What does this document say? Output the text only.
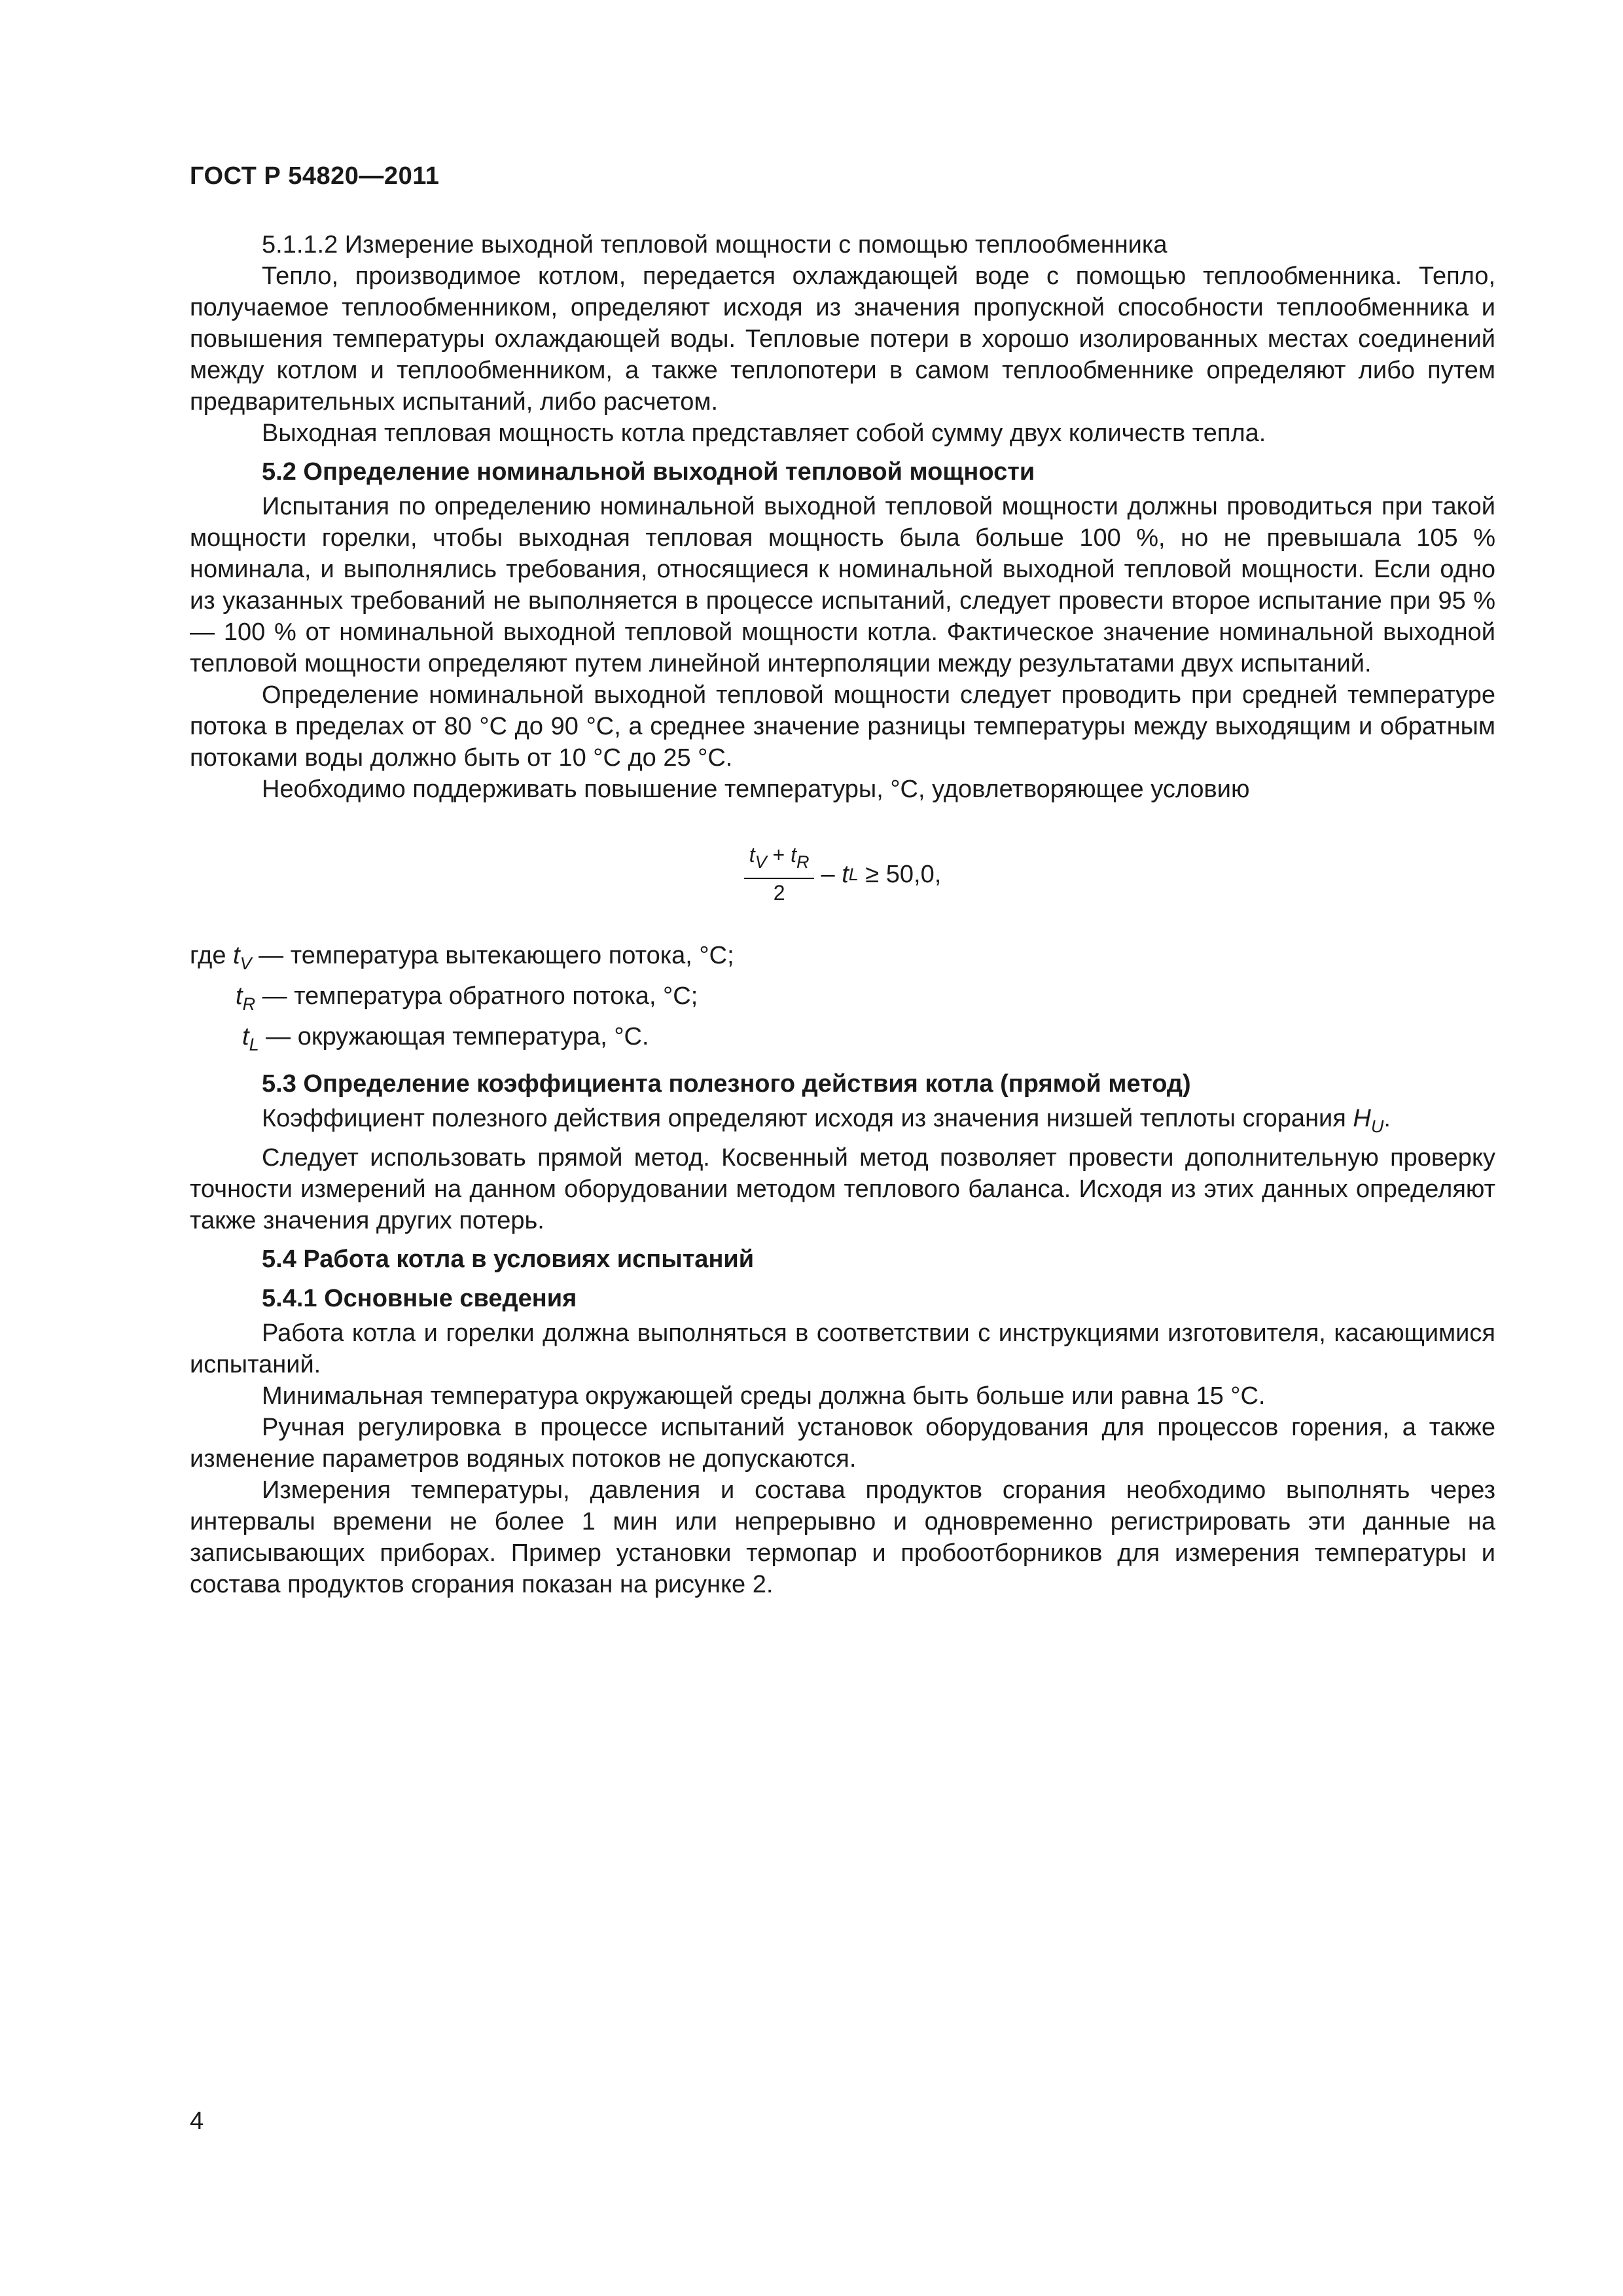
ГОСТ Р 54820—2011

5.1.1.2 Измерение выходной тепловой мощности с помощью теплообменника

Тепло, производимое котлом, передается охлаждающей воде с помощью теплообменника. Тепло, получаемое теплообменником, определяют исходя из значения пропускной способности теплообменника и повышения температуры охлаждающей воды. Тепловые потери в хорошо изолированных местах соединений между котлом и теплообменником, а также теплопотери в самом теплообменнике определяют либо путем предварительных испытаний, либо расчетом.

Выходная тепловая мощность котла представляет собой сумму двух количеств тепла.

5.2 Определение номинальной выходной тепловой мощности

Испытания по определению номинальной выходной тепловой мощности должны проводиться при такой мощности горелки, чтобы выходная тепловая мощность была больше 100 %, но не превышала 105 % номинала, и выполнялись требования, относящиеся к номинальной выходной тепловой мощности. Если одно из указанных требований не выполняется в процессе испытаний, следует провести второе испытание при 95 % — 100 % от номинальной выходной тепловой мощности котла. Фактическое значение номинальной выходной тепловой мощности определяют путем линейной интерполяции между результатами двух испытаний.

Определение номинальной выходной тепловой мощности следует проводить при средней температуре потока в пределах от 80 °С до 90 °С, а среднее значение разницы температуры между выходящим и обратным потоками воды должно быть от 10 °С до 25 °С.

Необходимо поддерживать повышение температуры, °С, удовлетворяющее условию

$\frac{t_V + t_R}{2}$ –
t L
≥ 50,0,
где $t_V$ — температура вытекающего потока, °С;
$t_R$ — температура обратного потока, °С;
$t_L$ — окружающая температура, °С.
5.3 Определение коэффициента полезного действия котла (прямой метод)

Коэффициент полезного действия определяют исходя из значения низшей теплоты сгорания $H_U$.

Следует использовать прямой метод. Косвенный метод позволяет провести дополнительную проверку точности измерений на данном оборудовании методом теплового баланса. Исходя из этих данных определяют также значения других потерь.

5.4 Работа котла в условиях испытаний
5.4.1 Основные сведения

Работа котла и горелки должна выполняться в соответствии с инструкциями изготовителя, касающимися испытаний.

Минимальная температура окружающей среды должна быть больше или равна 15 °С.

Ручная регулировка в процессе испытаний установок оборудования для процессов горения, а также изменение параметров водяных потоков не допускаются.

Измерения температуры, давления и состава продуктов сгорания необходимо выполнять через интервалы времени не более 1 мин или непрерывно и одновременно регистрировать эти данные на записывающих приборах. Пример установки термопар и пробоотборников для измерения температуры и состава продуктов сгорания показан на рисунке 2.

4
